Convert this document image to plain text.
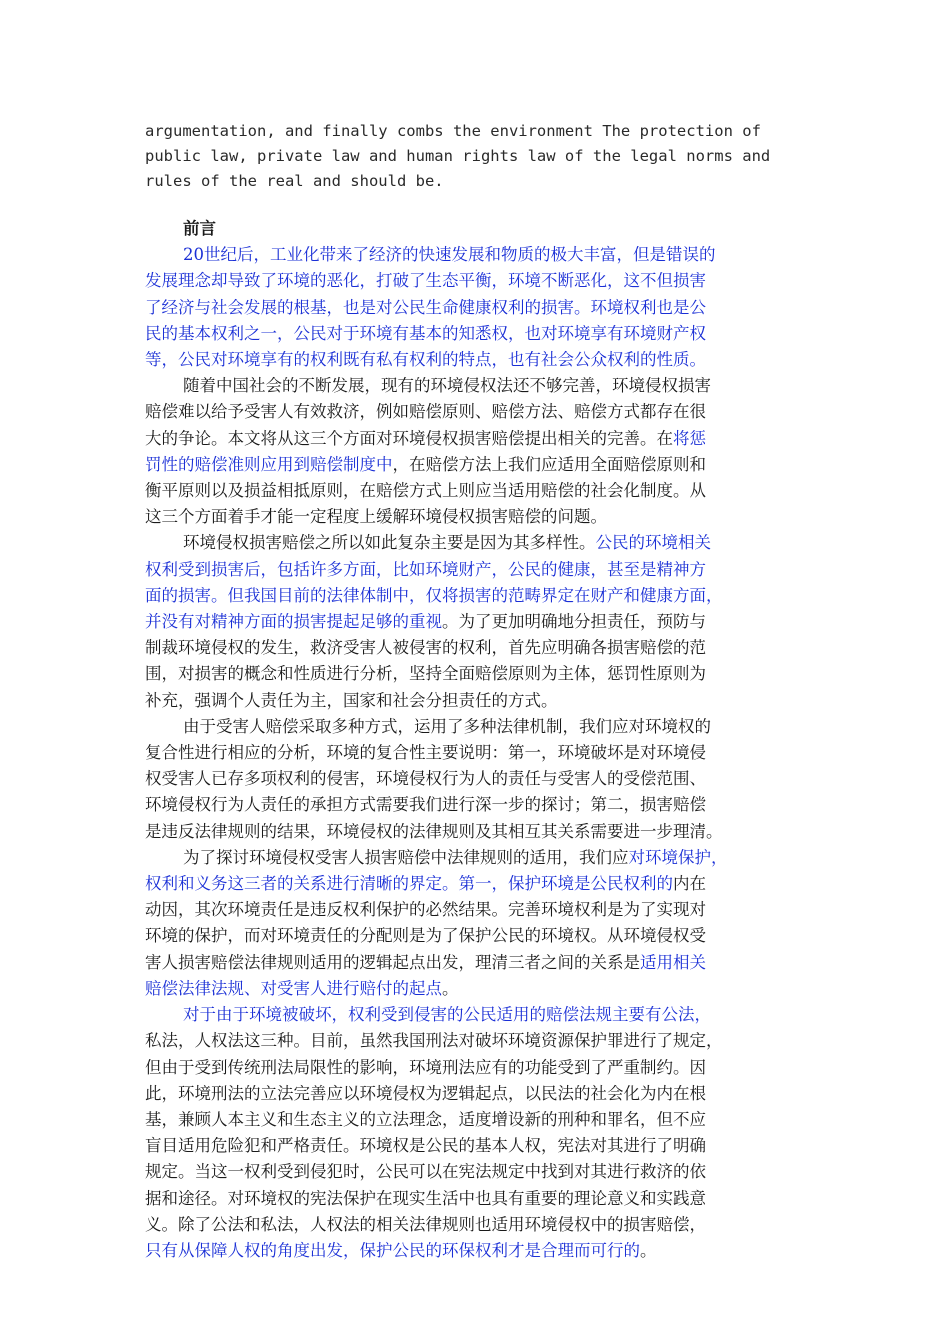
argumentation, and finally combs the environment The protection of
public law, private law and human rights law of the legal norms and
rules of the real and should be.

前言

20世纪后，工业化带来了经济的快速发展和物质的极大丰富，但是错误的
发展理念却导致了环境的恶化，打破了生态平衡，环境不断恶化，这不但损害
了经济与社会发展的根基，也是对公民生命健康权利的损害。环境权利也是公
民的基本权利之一，公民对于环境有基本的知悉权，也对环境享有环境财产权
等，公民对环境享有的权利既有私有权利的特点，也有社会公众权利的性质。
随着中国社会的不断发展，现有的环境侵权法还不够完善，环境侵权损害
赔偿难以给予受害人有效救济，例如赔偿原则、赔偿方法、赔偿方式都存在很
大的争论。本文将从这三个方面对环境侵权损害赔偿提出相关的完善。在将惩
罚性的赔偿准则应用到赔偿制度中，在赔偿方法上我们应适用全面赔偿原则和
衡平原则以及损益相抵原则，在赔偿方式上则应当适用赔偿的社会化制度。从
这三个方面着手才能一定程度上缓解环境侵权损害赔偿的问题。
环境侵权损害赔偿之所以如此复杂主要是因为其多样性。公民的环境相关
权利受到损害后，包括许多方面，比如环境财产，公民的健康，甚至是精神方
面的损害。但我国目前的法律体制中，仅将损害的范畴界定在财产和健康方面，
并没有对精神方面的损害提起足够的重视。为了更加明确地分担责任，预防与
制裁环境侵权的发生，救济受害人被侵害的权利，首先应明确各损害赔偿的范
围，对损害的概念和性质进行分析，坚持全面赔偿原则为主体，惩罚性原则为
补充，强调个人责任为主，国家和社会分担责任的方式。
由于受害人赔偿采取多种方式，运用了多种法律机制，我们应对环境权的
复合性进行相应的分析，环境的复合性主要说明：第一，环境破坏是对环境侵
权受害人已存多项权利的侵害，环境侵权行为人的责任与受害人的受偿范围、
环境侵权行为人责任的承担方式需要我们进行深一步的探讨；第二，损害赔偿
是违反法律规则的结果，环境侵权的法律规则及其相互其关系需要进一步理清。
为了探讨环境侵权受害人损害赔偿中法律规则的适用，我们应对环境保护，
权利和义务这三者的关系进行清晰的界定。第一，保护环境是公民权利的内在
动因，其次环境责任是违反权利保护的必然结果。完善环境权利是为了实现对
环境的保护，而对环境责任的分配则是为了保护公民的环境权。从环境侵权受
害人损害赔偿法律规则适用的逻辑起点出发，理清三者之间的关系是适用相关
赔偿法律法规、对受害人进行赔付的起点。
对于由于环境被破坏，权利受到侵害的公民适用的赔偿法规主要有公法，
私法，人权法这三种。目前，虽然我国刑法对破坏环境资源保护罪进行了规定，
但由于受到传统刑法局限性的影响，环境刑法应有的功能受到了严重制约。因
此，环境刑法的立法完善应以环境侵权为逻辑起点，以民法的社会化为内在根
基，兼顾人本主义和生态主义的立法理念，适度增设新的刑种和罪名，但不应
盲目适用危险犯和严格责任。环境权是公民的基本人权，宪法对其进行了明确
规定。当这一权利受到侵犯时，公民可以在宪法规定中找到对其进行救济的依
据和途径。对环境权的宪法保护在现实生活中也具有重要的理论意义和实践意
义。除了公法和私法，人权法的相关法律规则也适用环境侵权中的损害赔偿，
只有从保障人权的角度出发，保护公民的环保权利才是合理而可行的。
